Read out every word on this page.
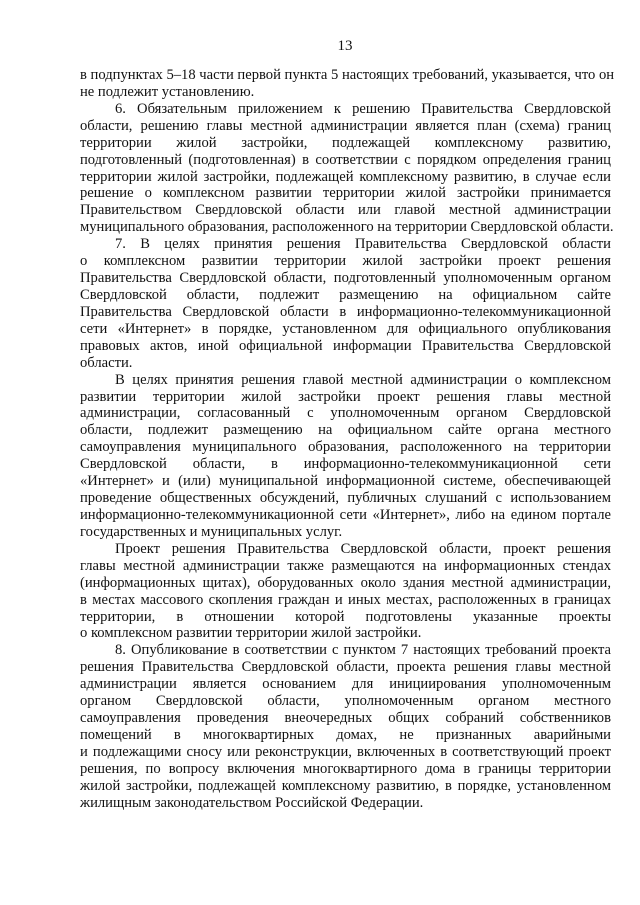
13
в подпунктах 5–18 части первой пункта 5 настоящих требований, указывается, что он
не подлежит установлению.
6. Обязательным приложением к решению Правительства Свердловской
области, решению главы местной администрации является план (схема) границ
территории жилой застройки, подлежащей комплексному развитию,
подготовленный (подготовленная) в соответствии с порядком определения границ
территории жилой застройки, подлежащей комплексному развитию, в случае если
решение о комплексном развитии территории жилой застройки принимается
Правительством Свердловской области или главой местной администрации
муниципального образования, расположенного на территории Свердловской области.
7. В целях принятия решения Правительства Свердловской области
о комплексном развитии территории жилой застройки проект решения
Правительства Свердловской области, подготовленный уполномоченным органом
Свердловской области, подлежит размещению на официальном сайте
Правительства Свердловской области в информационно-телекоммуникационной
сети «Интернет» в порядке, установленном для официального опубликования
правовых актов, иной официальной информации Правительства Свердловской
области.
В целях принятия решения главой местной администрации о комплексном
развитии территории жилой застройки проект решения главы местной
администрации, согласованный с уполномоченным органом Свердловской
области, подлежит размещению на официальном сайте органа местного
самоуправления муниципального образования, расположенного на территории
Свердловской области, в информационно-телекоммуникационной сети
«Интернет» и (или) муниципальной информационной системе, обеспечивающей
проведение общественных обсуждений, публичных слушаний с использованием
информационно-телекоммуникационной сети «Интернет», либо на едином портале
государственных и муниципальных услуг.
Проект решения Правительства Свердловской области, проект решения
главы местной администрации также размещаются на информационных стендах
(информационных щитах), оборудованных около здания местной администрации,
в местах массового скопления граждан и иных местах, расположенных в границах
территории, в отношении которой подготовлены указанные проекты
о комплексном развитии территории жилой застройки.
8. Опубликование в соответствии с пунктом 7 настоящих требований проекта
решения Правительства Свердловской области, проекта решения главы местной
администрации является основанием для инициирования уполномоченным
органом Свердловской области, уполномоченным органом местного
самоуправления проведения внеочередных общих собраний собственников
помещений в многоквартирных домах, не признанных аварийными
и подлежащими сносу или реконструкции, включенных в соответствующий проект
решения, по вопросу включения многоквартирного дома в границы территории
жилой застройки, подлежащей комплексному развитию, в порядке, установленном
жилищным законодательством Российской Федерации.
